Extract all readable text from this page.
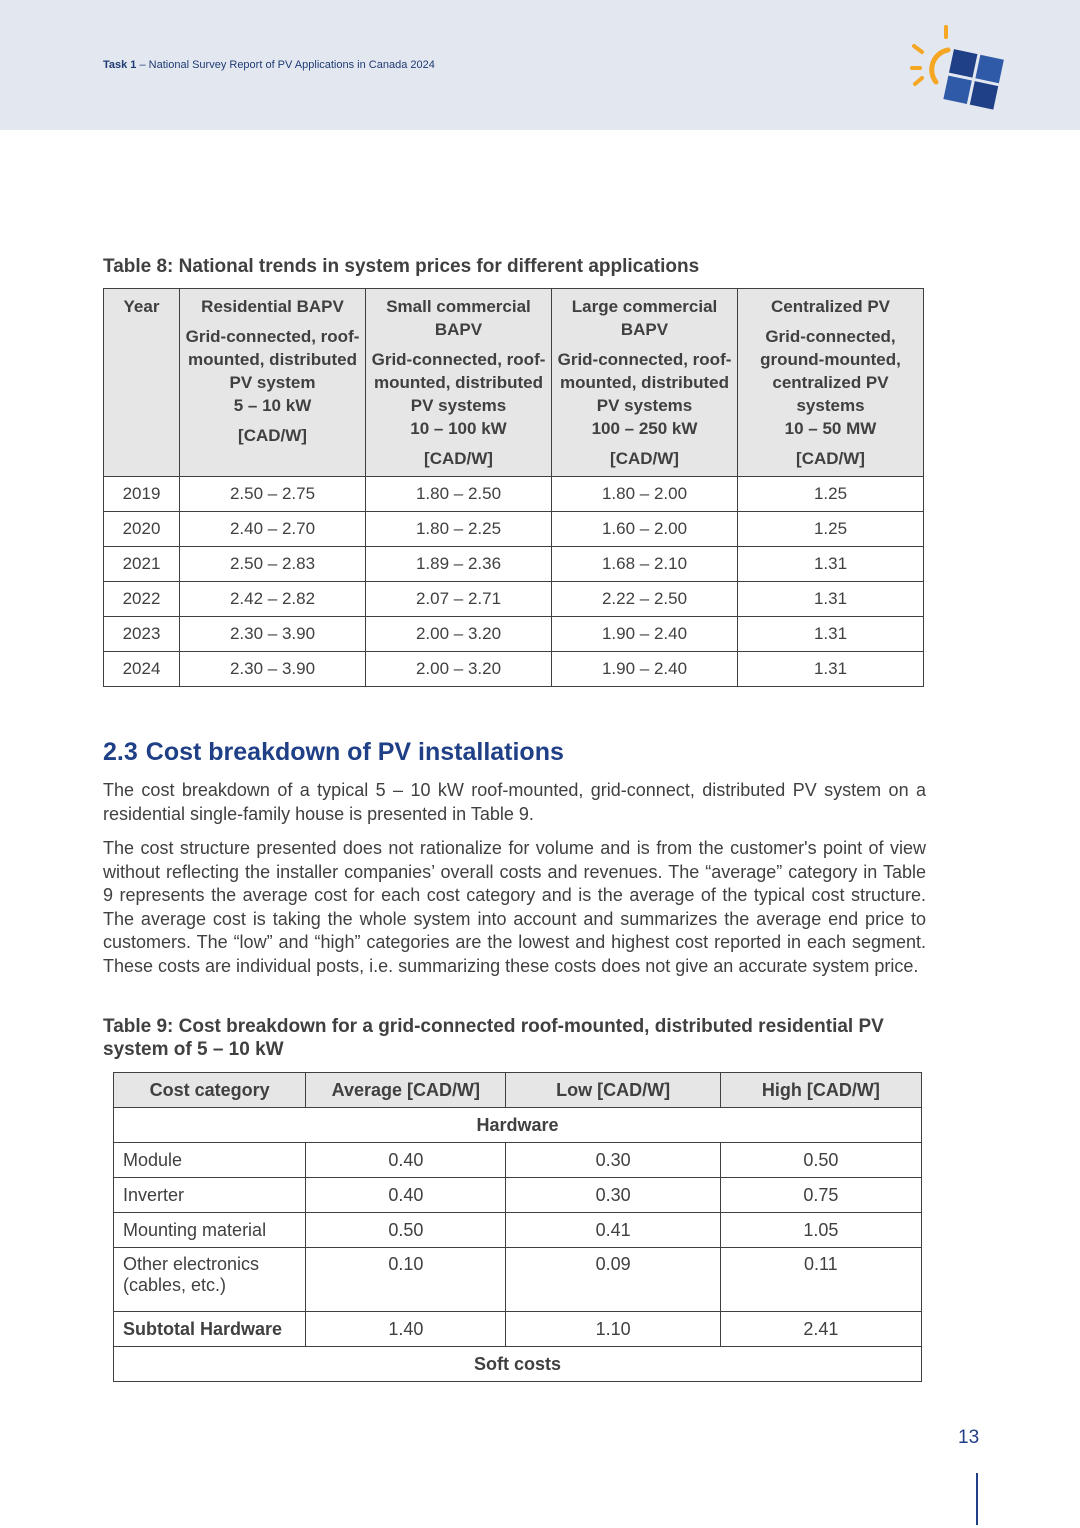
Task 1 – National Survey Report of PV Applications in Canada 2024
Table 8: National trends in system prices for different applications
Year	Residential BAPV
Grid-connected, roof-mounted, distributed PV system
5 – 10 kW
[CAD/W]	Small commercial BAPV
Grid-connected, roof-mounted, distributed PV systems
10 – 100 kW
[CAD/W]	Large commercial BAPV
Grid-connected, roof-mounted, distributed PV systems
100 – 250 kW
[CAD/W]	Centralized PV
Grid-connected, ground-mounted, centralized PV systems
10 – 50 MW
[CAD/W]

2019	2.50 – 2.75	1.80 – 2.50	1.80 – 2.00	1.25
2020	2.40 – 2.70	1.80 – 2.25	1.60 – 2.00	1.25
2021	2.50 – 2.83	1.89 – 2.36	1.68 – 2.10	1.31
2022	2.42 – 2.82	2.07 – 2.71	2.22 – 2.50	1.31
2023	2.30 – 3.90	2.00 – 3.20	1.90 – 2.40	1.31
2024	2.30 – 3.90	2.00 – 3.20	1.90 – 2.40	1.31
2.3 Cost breakdown of PV installations

The cost breakdown of a typical 5 – 10 kW roof-mounted, grid-connect, distributed PV system on a residential single-family house is presented in Table 9.

The cost structure presented does not rationalize for volume and is from the customer's point of view without reflecting the installer companies’ overall costs and revenues. The “average” category in Table 9 represents the average cost for each cost category and is the average of the typical cost structure. The average cost is taking the whole system into account and summarizes the average end price to customers. The “low” and “high” categories are the lowest and highest cost reported in each segment. These costs are individual posts, i.e. summarizing these costs does not give an accurate system price.

Table 9: Cost breakdown for a grid-connected roof-mounted, distributed residential PV system of 5 – 10 kW
Cost category	Average [CAD/W]	Low [CAD/W]	High [CAD/W]
Hardware			
Module	0.40	0.30	0.50
Inverter	0.40	0.30	0.75
Mounting material	0.50	0.41	1.05
Other electronics (cables, etc.)	0.10	0.09	0.11
Subtotal Hardware	1.40	1.10	2.41
Soft costs			
13
